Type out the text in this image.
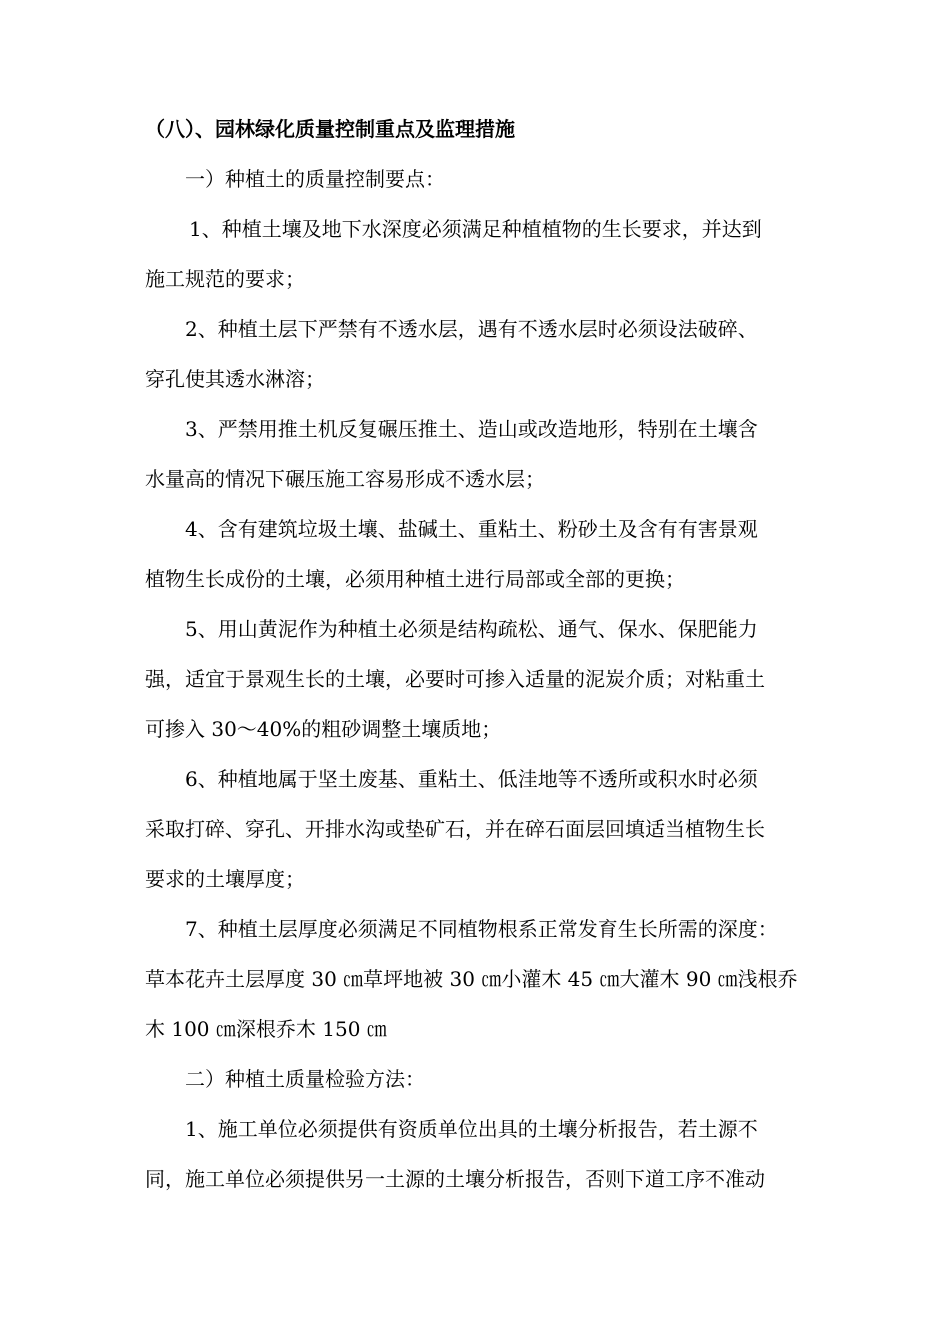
（八）、园林绿化质量控制重点及监理措施
一）种植土的质量控制要点：
1、种植土壤及地下水深度必须满足种植植物的生长要求，并达到
施工规范的要求；
2、种植土层下严禁有不透水层，遇有不透水层时必须设法破碎、
穿孔使其透水淋溶；
3、严禁用推土机反复碾压推土、造山或改造地形，特别在土壤含
水量高的情况下碾压施工容易形成不透水层；
4、含有建筑垃圾土壤、盐碱土、重粘土、粉砂土及含有有害景观
植物生长成份的土壤，必须用种植土进行局部或全部的更换；
5、用山黄泥作为种植土必须是结构疏松、通气、保水、保肥能力
强，适宜于景观生长的土壤，必要时可掺入适量的泥炭介质；对粘重土
可掺入 30～40%的粗砂调整土壤质地；
6、种植地属于坚土废基、重粘土、低洼地等不透所或积水时必须
采取打碎、穿孔、开排水沟或垫矿石，并在碎石面层回填适当植物生长
要求的土壤厚度；
7、种植土层厚度必须满足不同植物根系正常发育生长所需的深度：
草本花卉土层厚度 30 ㎝草坪地被 30 ㎝小灌木 45 ㎝大灌木 90 ㎝浅根乔
木 100 ㎝深根乔木 150 ㎝
二）种植土质量检验方法：
1、施工单位必须提供有资质单位出具的土壤分析报告，若土源不
同，施工单位必须提供另一土源的土壤分析报告，否则下道工序不准动
